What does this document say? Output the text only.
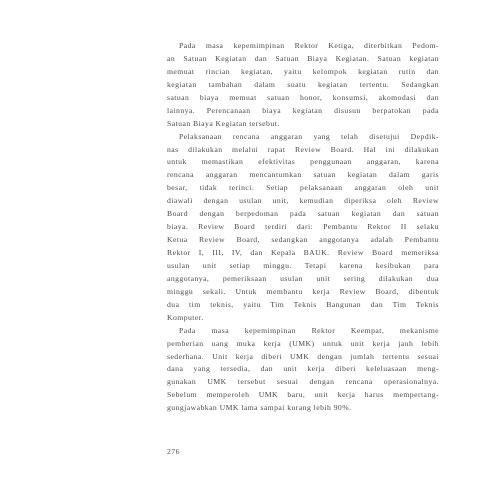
Pada masa kepemimpinan Rektor Ketiga, diterbitkan Pedom-
an Satuan Kegiatan dan Satuan Biaya Kegiatan. Satuan kegiatan
memuat rincian kegiatan, yaitu kelompok kegiatan rutin dan
kegiatan tambahan dalam suatu kegiatan tertentu. Sedangkan
satuan biaya memuat satuan honor, konsumsi, akomodasi dan
lainnya. Perencanaan biaya kegiatan disusun berpatokan pada
Satuan Biaya Kegiatan tersebut.
Pelaksanaan rencana anggaran yang telah disetujui Depdik-
nas dilakukan melalui rapat Review Board. Hal ini dilakukan
untuk memastikan efektivitas penggunaan anggaran, karena
rencana anggaran mencantumkan satuan kegiatan dalam garis
besar, tidak terinci. Setiap pelaksanaan anggaran oleh unit
diawali dengan usulan unit, kemudian diperiksa oleh Review
Board dengan berpedoman pada satuan kegiatan dan satuan
biaya. Review Board terdiri dari: Pembantu Rektor II selaku
Ketua Review Board, sedangkan anggotanya adalah Pembantu
Rektor I, III, IV, dan Kepala BAUK. Review Board memeriksa
usulan unit setiap minggu. Tetapi karena kesibukan para
anggotanya, pemeriksaan usulan unit sering dilakukan dua
minggu sekali. Untuk membantu kerja Review Board, dibentuk
dua tim teknis, yaitu Tim Teknis Bangunan dan Tim Teknis
Komputer.
Pada masa kepemimpinan Rektor Keempat, mekanisme
pemberian uang muka kerja (UMK) untuk unit kerja jauh lebih
sederhana. Unit kerja diberi UMK dengan jumlah tertentu sesuai
dana yang tersedia, dan unit kerja diberi keleluasaan meng-
gunakan UMK tersebut sesuai dengan rencana operasionalnya.
Sebelum memperoleh UMK baru, unit kerja harus mempertang-
gungjawabkan UMK lama sampai kurang lebih 90%.
276
